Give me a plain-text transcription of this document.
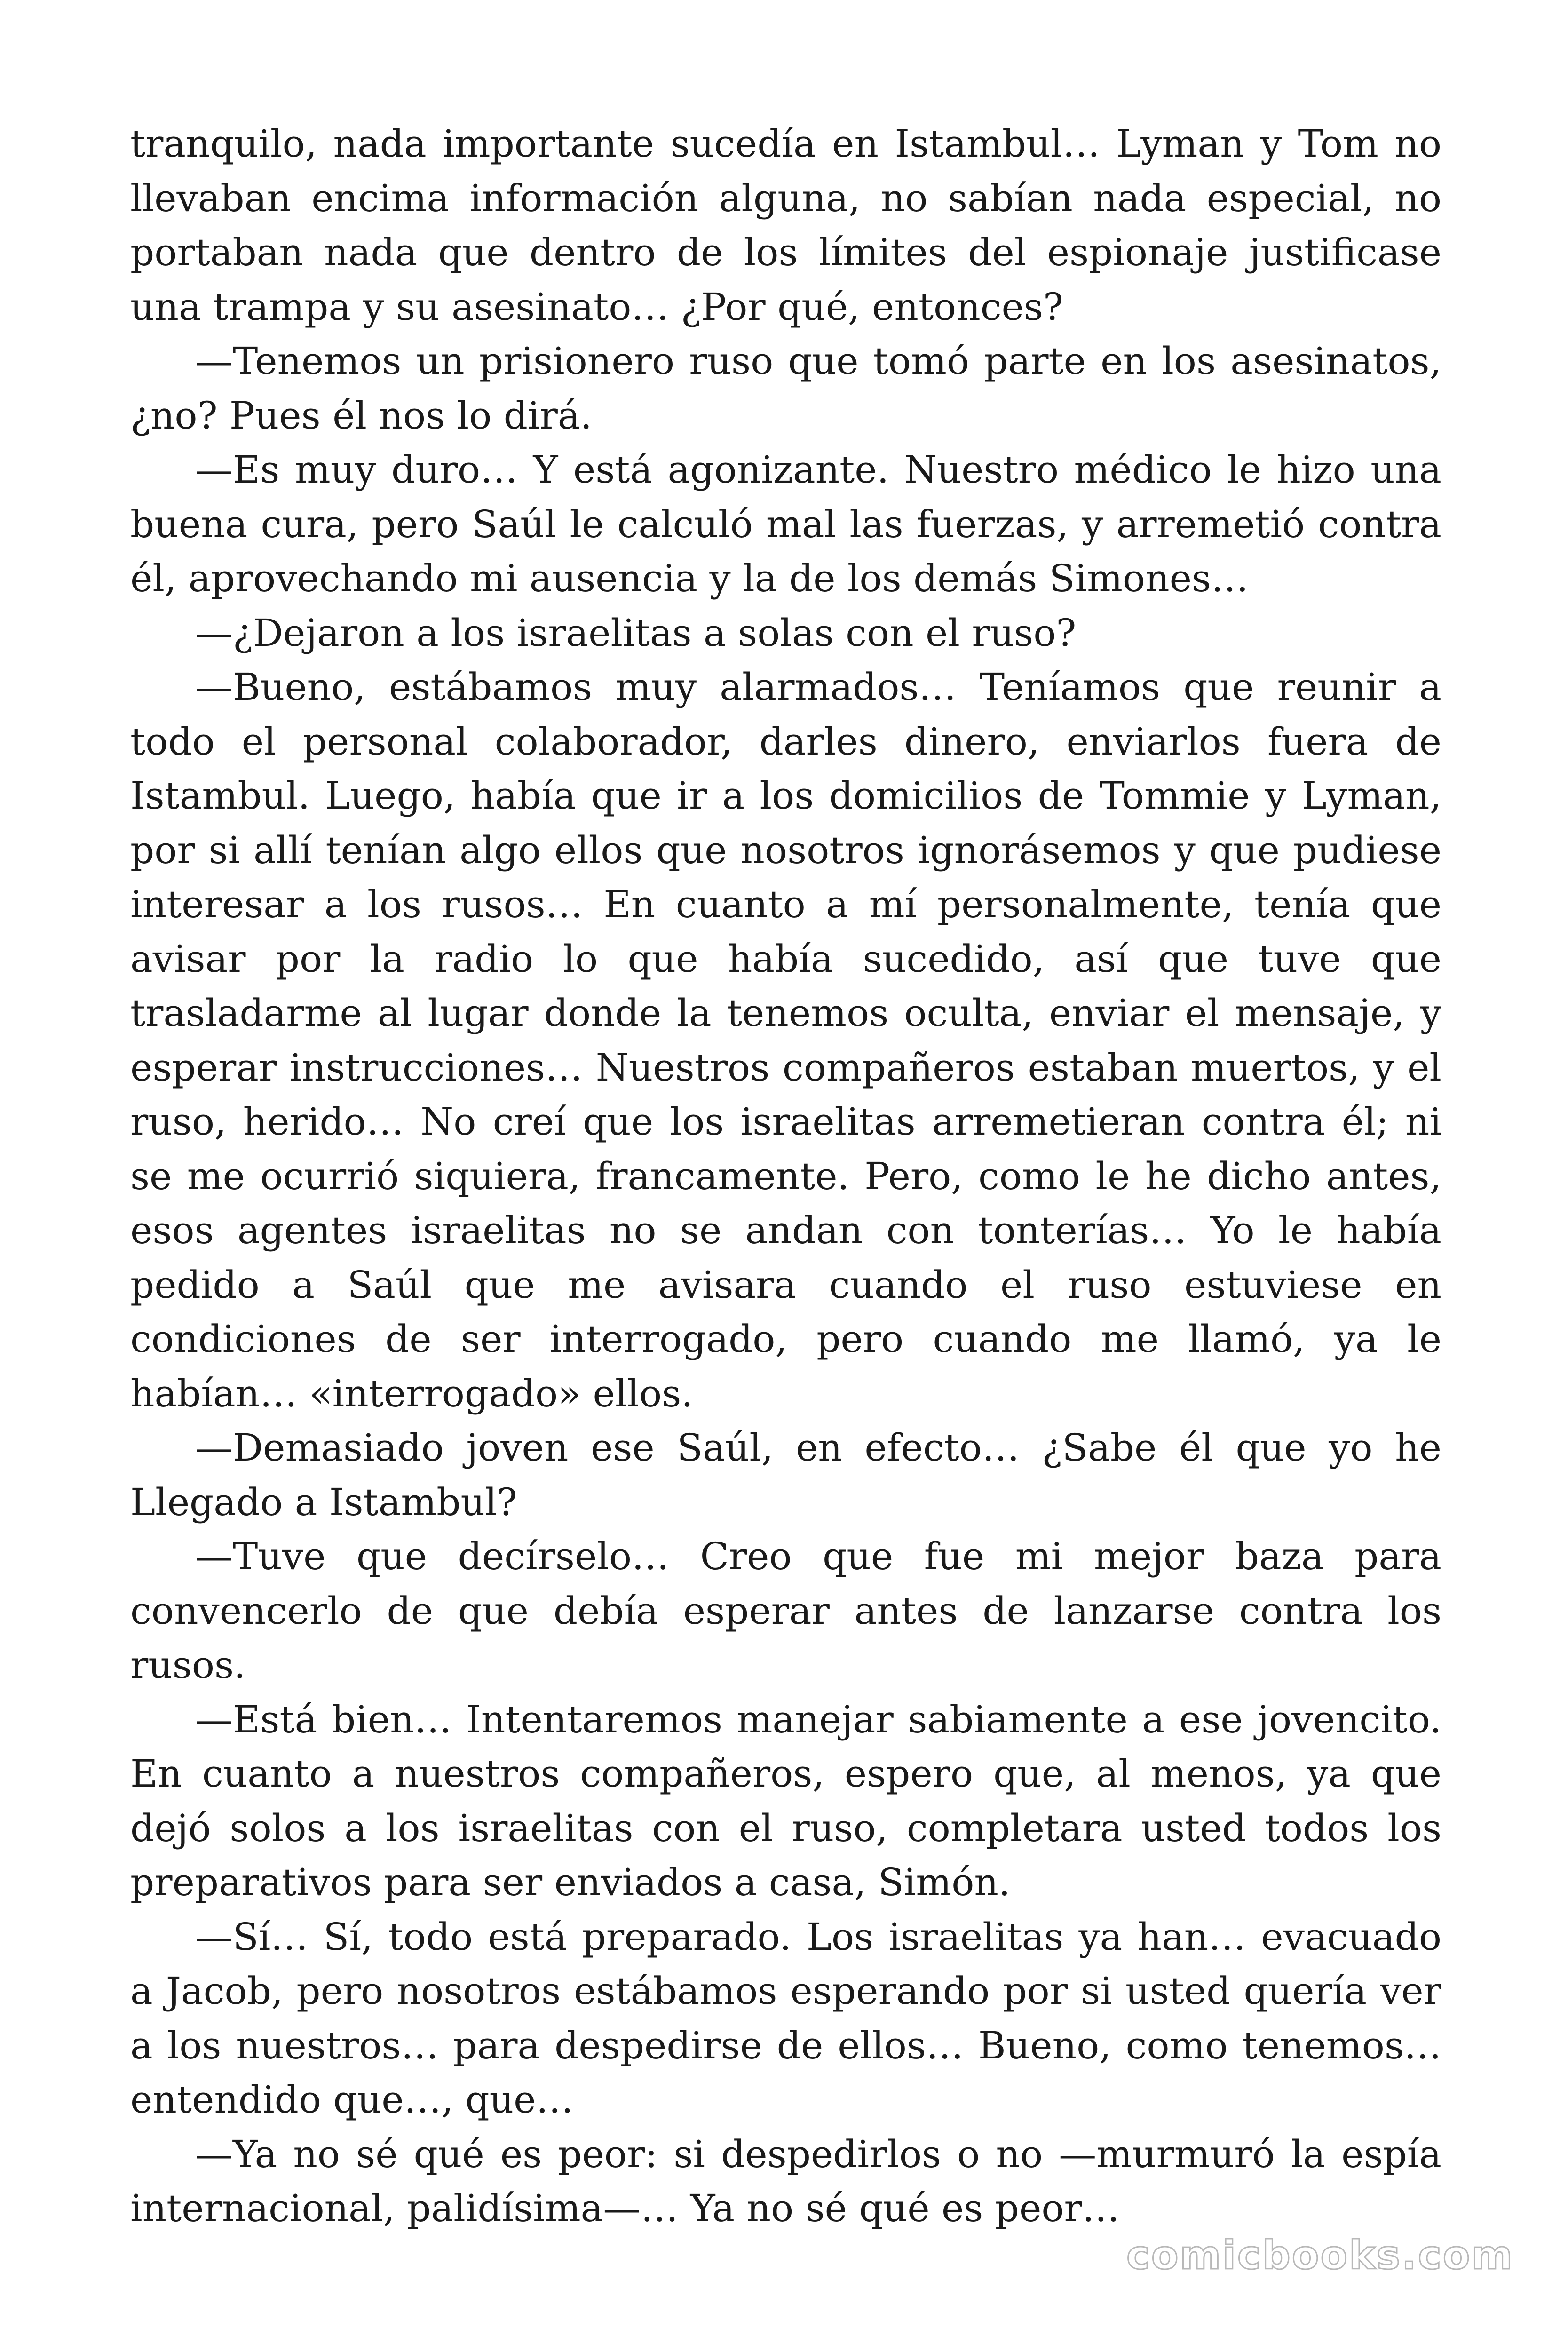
tranquilo, nada importante sucedía en Istambul… Lyman y Tom no llevaban encima información alguna, no sabían nada especial, no portaban nada que dentro de los límites del espionaje justificase una trampa y su asesinato… ¿Por qué, entonces?

—Tenemos un prisionero ruso que tomó parte en los asesinatos, ¿no? Pues él nos lo dirá.

—Es muy duro… Y está agonizante. Nuestro médico le hizo una buena cura, pero Saúl le calculó mal las fuerzas, y arremetió contra él, aprovechando mi ausencia y la de los demás Simones…

—¿Dejaron a los israelitas a solas con el ruso?

—Bueno, estábamos muy alarmados… Teníamos que reunir a todo el personal colaborador, darles dinero, enviarlos fuera de Istambul. Luego, había que ir a los domicilios de Tommie y Lyman, por si allí tenían algo ellos que nosotros ignorásemos y que pudiese interesar a los rusos… En cuanto a mí personalmente, tenía que avisar por la radio lo que había sucedido, así que tuve que trasladarme al lugar donde la tenemos oculta, enviar el mensaje, y esperar instrucciones… Nuestros compañeros estaban muertos, y el ruso, herido… No creí que los israelitas arremetieran contra él; ni se me ocurrió siquiera, francamente. Pero, como le he dicho antes, esos agentes israelitas no se andan con tonterías… Yo le había pedido a Saúl que me avisara cuando el ruso estuviese en condiciones de ser interrogado, pero cuando me llamó, ya le habían… «interrogado» ellos.

—Demasiado joven ese Saúl, en efecto… ¿Sabe él que yo he Llegado a Istambul?

—Tuve que decírselo… Creo que fue mi mejor baza para convencerlo de que debía esperar antes de lanzarse contra los rusos.

—Está bien… Intentaremos manejar sabiamente a ese jovencito. En cuanto a nuestros compañeros, espero que, al menos, ya que dejó solos a los israelitas con el ruso, completara usted todos los preparativos para ser enviados a casa, Simón.

—Sí… Sí, todo está preparado. Los israelitas ya han… evacuado a Jacob, pero nosotros estábamos esperando por si usted quería ver a los nuestros… para despedirse de ellos… Bueno, como tenemos… entendido que…, que…

—Ya no sé qué es peor: si despedirlos o no —murmuró la espía internacional, palidísima—… Ya no sé qué es peor…

comicbooks.com
